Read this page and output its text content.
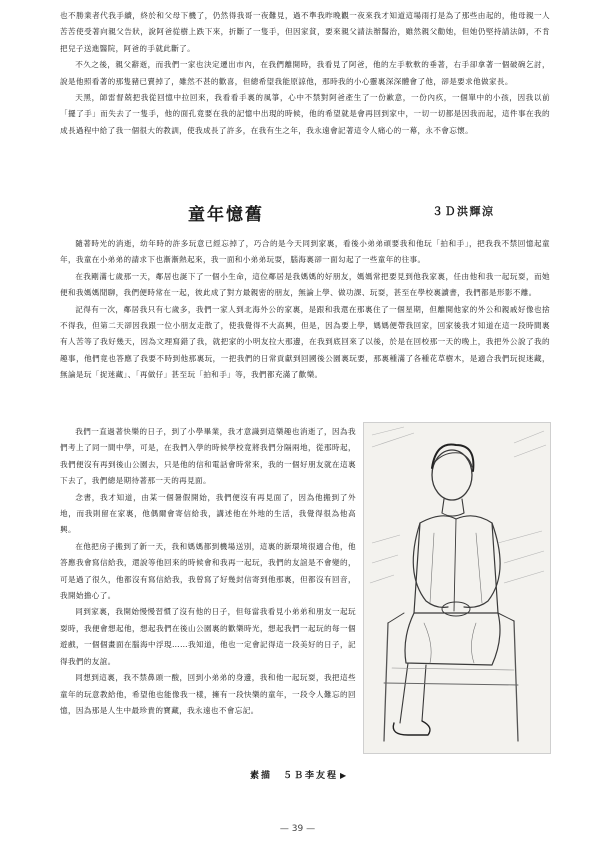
也不勝業者代我手續，終於和父母下機了，仍然得我哥一夜難見，過不準我昨晚觀一夜來我才知道這場雨打是為了那些由起的，他母親一人苦苦使受著向親父告狀，說阿爸從樹上跌下來，折斷了一隻手，但因家貧，要來親父請法辦醫治，雖然親父勸她，但她仍堅持請法師，不肯把兒子送進醫院，阿爸的手就此斷了。

不久之後，親父辭逝，而我們一家也決定遷出市內，在我們離開時，我看見了阿爸，他的左手軟軟的垂著，右手卻拿著一個破碗乞討，說是他照看著的那隻豬已賣掉了，雖然不甚的歡喜，但總希望我能原諒他，那時我的小心靈裏深深體會了他，卻是要求他做家長。

天黑，師雷督兢把我從回憶中拉回來，我看看手裏的風箏，心中不禁對阿爸產生了一份歉意，一份內疚，一個單中的小孩，因我以前「擺了手」而失去了一隻手，他的面孔竟要在我的記憶中出現的時候，他的希望就是會再回到家中，一切一切都是因我而起，這件事在我的成長過程中給了我一個很大的教訓，使我成長了許多，在我有生之年，我永遠會記著這令人痛心的一幕，永不會忘懷。

童年憶舊	３Ｄ洪輝涼

隨著時光的消逝，幼年時的許多玩意已經忘掉了，巧合的是今天同到家裏，看後小弟弟頑要我和他玩「拍和手」，把我我不禁回憶起童年，我童在小弟弟的請求下也漸漸熱起來，我一面和小弟弟玩耍，腦海裏卻一面勾起了一些童年的往事。

在我剛滿七歲那一天，鄰居也誕下了一個小生命，這位鄰居是我媽媽的好朋友，媽媽常把要見到他我家裏，任由他和我一起玩耍，而她便和我媽媽閒聊，我們便時常在一起，彼此成了對方最親密的朋友，無論上學、做功課、玩耍，甚至在學校裏讀書，我們都是形影不離。

記得有一次，鄰居我只有七歲多，我們一家人到北海外公的家裏，是跟和我還在那裏住了一個星期，但離開他家的外公和親戚好像也捨不得我，但第二天卻因我跟一位小朋友走散了，使我覺得不大高興，但是，因為要上學，媽媽便帶我回家，回家後我才知道在這一段時間裏有人苦等了我好幾天，因為文理寫錯了我，就把家的小明友拉大那邊，在我到底回來了以後，於是在回校那一天的晚上，我把外公說了我的趣事，他們竟也答應了我要不時到他那裏玩，一把我們的日常貢獻到回國後公園裏玩要，那裏種滿了各種花草樹木，是適合我們玩捉迷藏，無論是玩「捉迷藏」、「再做仔」甚至玩「拍和手」等，我們都充滿了歡樂。

我們一直過著快樂的日子，到了小學畢業，我才意識到這樂趣也消逝了，因為我們考上了同一間中學，可是，在我們入學的時候學校竟將我們分隔兩地，從那時起，我們便沒有再到後山公園去，只是他的信和電話會時常來，我的一個好朋友就在這裏下去了，我們總是期待著那一天的再見面。

念書，我才知道，由某一個暑假開始，我們便沒有再見面了，因為他搬到了外地，而我則留在家裏，他偶爾會寄信給我，講述他在外地的生活，我覺得很為他高興。

在他把房子搬到了新一天，我和媽媽都到機場送別，這裏的新環境很適合他，他答應我會寫信給我，還說等他回來的時候會和我再一起玩，我們的友誼是不會變的，可是過了很久，他都沒有寫信給我，我曾寫了好幾封信寄到他那裏，但都沒有回音，我開始擔心了。

同到家裏，我開始慢慢習慣了沒有他的日子，但每當我看見小弟弟和朋友一起玩耍時，我便會想起他，想起我們在後山公園裏的歡樂時光，想起我們一起玩的每一個遊戲，一個個畫面在腦海中浮現……我知道，他也一定會記得這一段美好的日子，記得我們的友誼。

同想到這裏，我不禁鼻頭一酸，回到小弟弟的身邊，我和他一起玩耍，我把這些童年的玩意教給他，希望他也能像我一樣，擁有一段快樂的童年，一段令人難忘的回憶，因為那是人生中最珍貴的寶藏，我永遠也不會忘記。

素描　５Ｂ李友程 ▶
— 39 —
